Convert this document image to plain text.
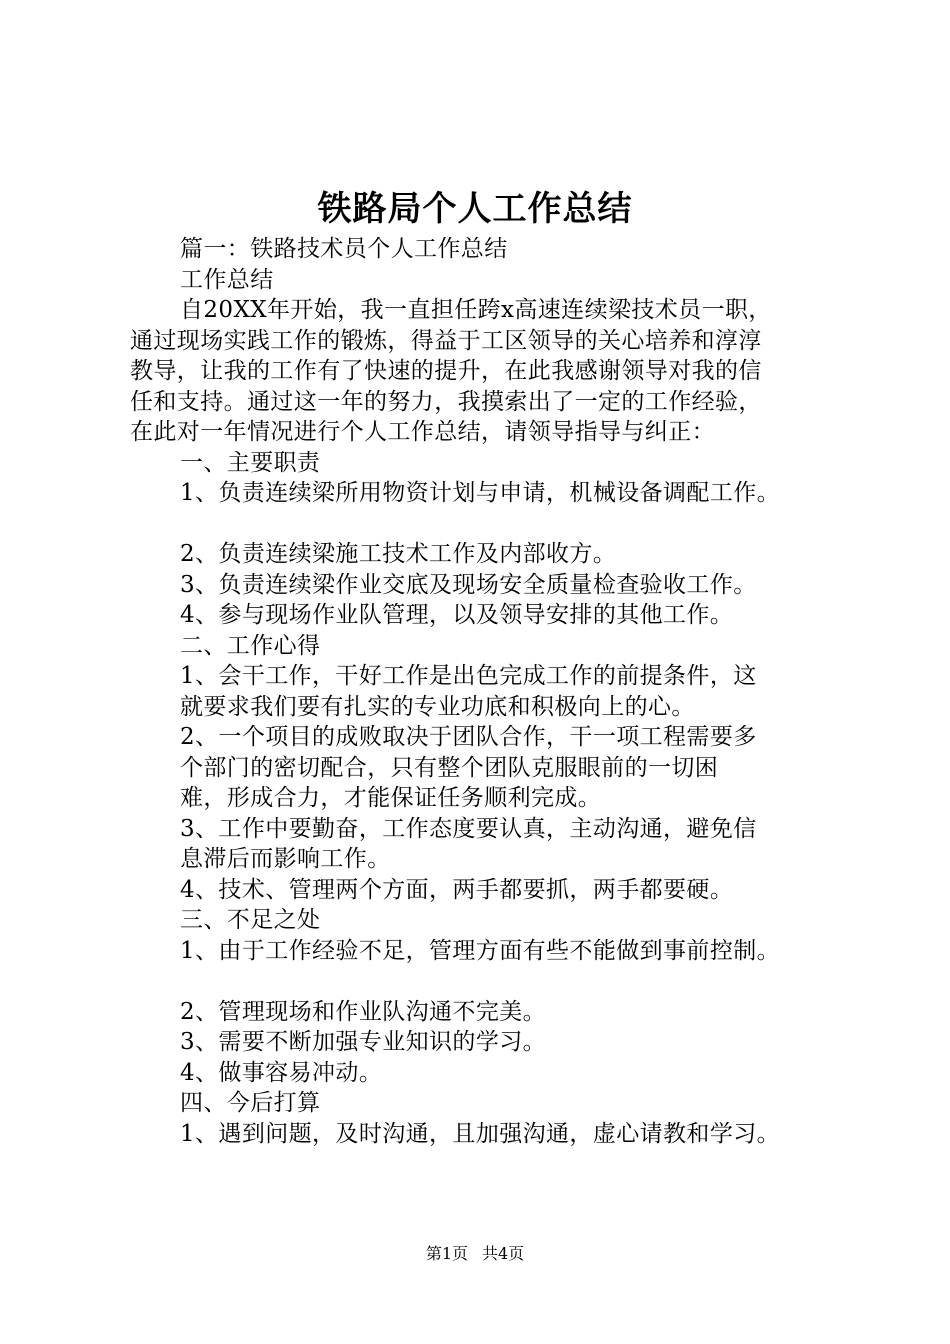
铁路局个人工作总结
篇一：铁路技术员个人工作总结
工作总结
自20XX年开始，我一直担任跨x高速连续梁技术员一职，
通过现场实践工作的锻炼，得益于工区领导的关心培养和淳淳
教导，让我的工作有了快速的提升，在此我感谢领导对我的信
任和支持。通过这一年的努力，我摸索出了一定的工作经验，
在此对一年情况进行个人工作总结，请领导指导与纠正：
一、主要职责
1、负责连续梁所用物资计划与申请，机械设备调配工作。
2、负责连续梁施工技术工作及内部收方。
3、负责连续梁作业交底及现场安全质量检查验收工作。
4、参与现场作业队管理，以及领导安排的其他工作。
二、工作心得
1、会干工作，干好工作是出色完成工作的前提条件，这
就要求我们要有扎实的专业功底和积极向上的心。
2、一个项目的成败取决于团队合作，干一项工程需要多
个部门的密切配合，只有整个团队克服眼前的一切困
难，形成合力，才能保证任务顺利完成。
3、工作中要勤奋，工作态度要认真，主动沟通，避免信
息滞后而影响工作。
4、技术、管理两个方面，两手都要抓，两手都要硬。
三、不足之处
1、由于工作经验不足，管理方面有些不能做到事前控制。
2、管理现场和作业队沟通不完美。
3、需要不断加强专业知识的学习。
4、做事容易冲动。
四、今后打算
1、遇到问题，及时沟通，且加强沟通，虚心请教和学习。
第1页 共4页
